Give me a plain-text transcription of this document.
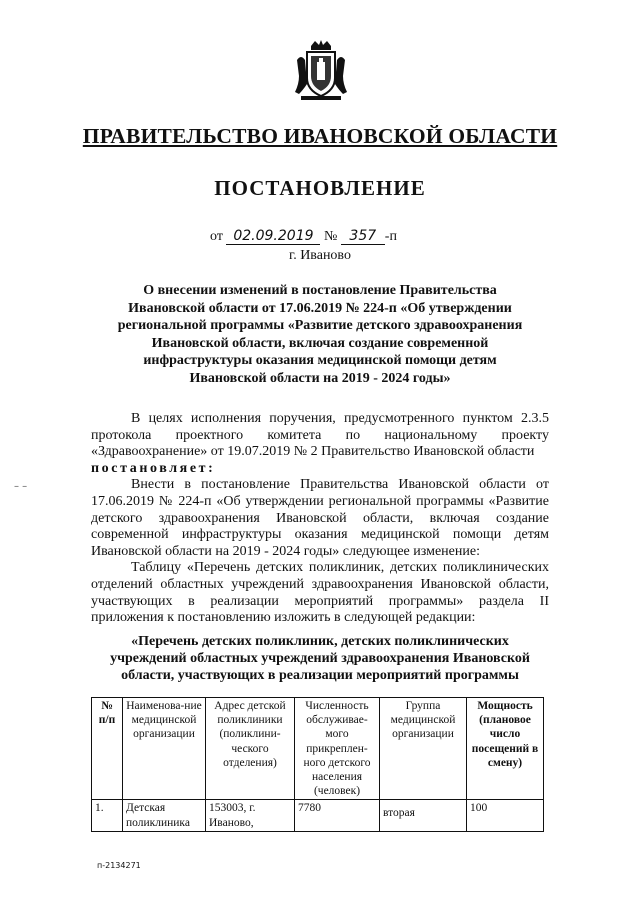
ПРАВИТЕЛЬСТВО ИВАНОВСКОЙ ОБЛАСТИ
ПОСТАНОВЛЕНИЕ
от 02.09.2019 № 357 -п
г. Иваново
О внесении изменений в постановление Правительства
Ивановской области от 17.06.2019 № 224-п «Об утверждении
региональной программы «Развитие детского здравоохранения
Ивановской области, включая создание современной
инфраструктуры оказания медицинской помощи детям
Ивановской области на 2019 - 2024 годы»
– –

В целях исполнения поручения, предусмотренного пунктом 2.3.5 протокола проектного комитета по национальному проекту «Здравоохранение» от 19.07.2019 № 2 Правительство Ивановской области

постановляет:

Внести в постановление Правительства Ивановской области от 17.06.2019 № 224-п «Об утверждении региональной программы «Развитие детского здравоохранения Ивановской области, включая создание современной инфраструктуры оказания медицинской помощи детям Ивановской области на 2019 - 2024 годы» следующее изменение:

Таблицу «Перечень детских поликлиник, детских поликлинических отделений областных учреждений здравоохранения Ивановской области, участвующих в реализации мероприятий программы» раздела II приложения к постановлению изложить в следующей редакции:

«Перечень детских поликлиник, детских поликлинических
учреждений областных учреждений здравоохранения Ивановской
области, участвующих в реализации мероприятий программы
№ п/п	Наименова-ние медицинской организации	Адрес детской поликлиники (поликлини-ческого отделения)	Численность обслуживае-мого прикреплен-ного детского населения (человек)	Группа медицинской организации	Мощность (плановое число посещений в смену)
1.	Детская поликлиника	153003, г. Иваново,	7780	вторая	100
п-2134271
